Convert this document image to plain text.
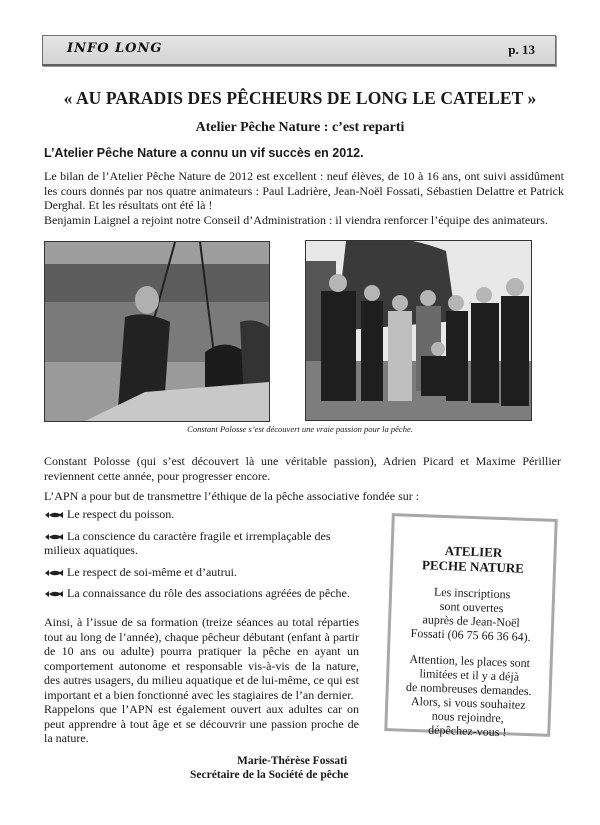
INFO LONG	p. 13
« AU PARADIS DES PÊCHEURS DE LONG LE CATELET »
Atelier Pêche Nature : c’est reparti
L’Atelier Pêche Nature a connu un vif succès en 2012.
Le bilan de l’Atelier Pêche Nature de 2012 est excellent : neuf élèves, de 10 à 16 ans, ont suivi assidûment les cours donnés par nos quatre animateurs : Paul Ladrière, Jean-Noël Fossati, Sébastien Delattre et Patrick Derghal. Et les résultats ont été là !
Benjamin Laignel a rejoint notre Conseil d’Administration : il viendra renforcer l’équipe des animateurs.
Constant Polosse s’est découvert une vraie passion pour la pêche.
Constant Polosse (qui s’est découvert là une véritable passion), Adrien Picard et Maxime Périllier reviennent cette année, pour progresser encore.
L’APN a pour but de transmettre l’éthique de la pêche associative fondée sur :
Le respect du poisson.
La conscience du caractère fragile et irremplaçable des milieux aquatiques.
Le respect de soi-même et d’autrui.
La connaissance du rôle des associations agréées de pêche.
Ainsi, à l’issue de sa formation (treize séances au total réparties tout au long de l’année), chaque pêcheur débutant (enfant à partir de 10 ans ou adulte) pourra pratiquer la pêche en ayant un comportement autonome et responsable vis-à-vis de la nature, des autres usagers, du milieu aquatique et de lui-même, ce qui est important et a bien fonctionné avec les stagiaires de l’an dernier.
Rappelons que l’APN est également ouvert aux adultes car on peut apprendre à tout âge et se découvrir une passion proche de la nature.
Marie-Thérèse Fossati
Secrétaire de la Société de pêche
ATELIER
PECHE NATURE
Les inscriptions
sont ouvertes
auprès de Jean-Noël
Fossati (06 75 66 36 64).
Attention, les places sont
limitées et il y a déjà
de nombreuses demandes.
Alors, si vous souhaitez
nous rejoindre,
dépêchez-vous !
